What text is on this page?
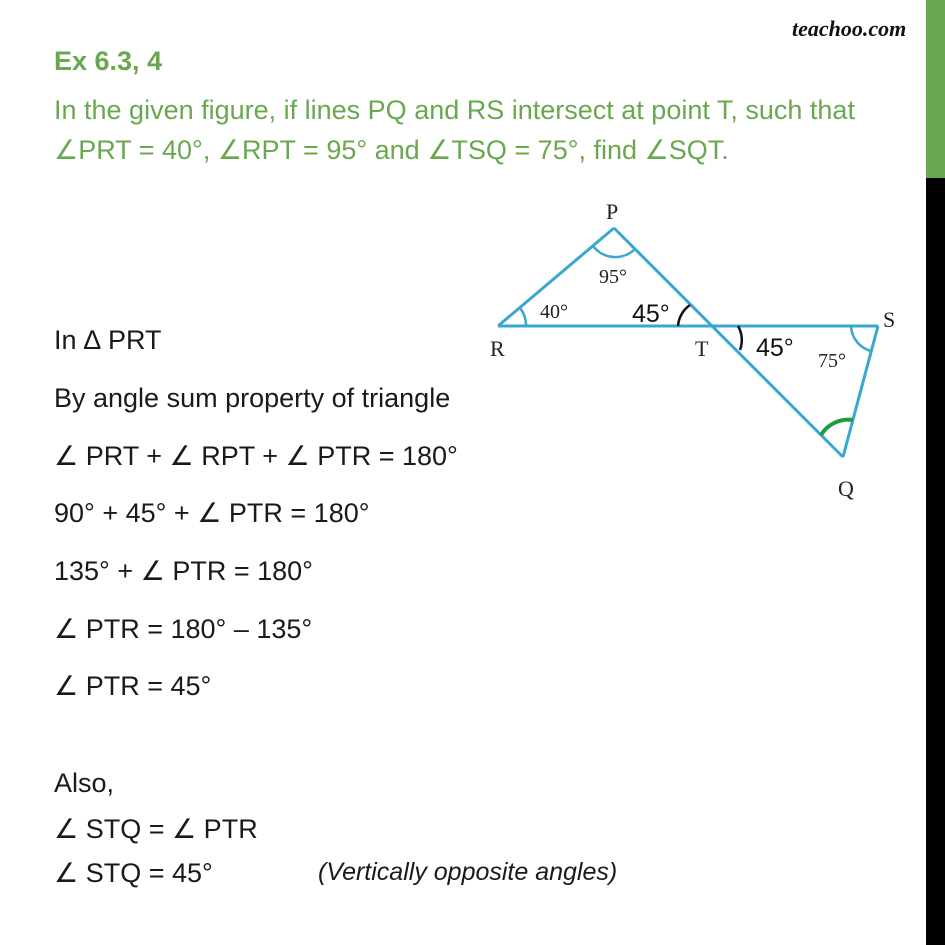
teachoo.com
Ex 6.3, 4
In the given figure, if lines PQ and RS intersect at point T, such that ∠PRT = 40°, ∠RPT = 95° and ∠TSQ = 75°, find ∠SQT.
P
R	T
S
Q
95°
40°
75°
45°
45°
In ∆ PRT
By angle sum property of triangle
∠ PRT + ∠ RPT + ∠ PTR = 180°
90° + 45° + ∠ PTR = 180°
135° + ∠ PTR = 180°
∠ PTR = 180° – 135°
∠ PTR = 45°
Also,
∠ STQ = ∠ PTR
∠ STQ = 45°	(Vertically opposite angles)
